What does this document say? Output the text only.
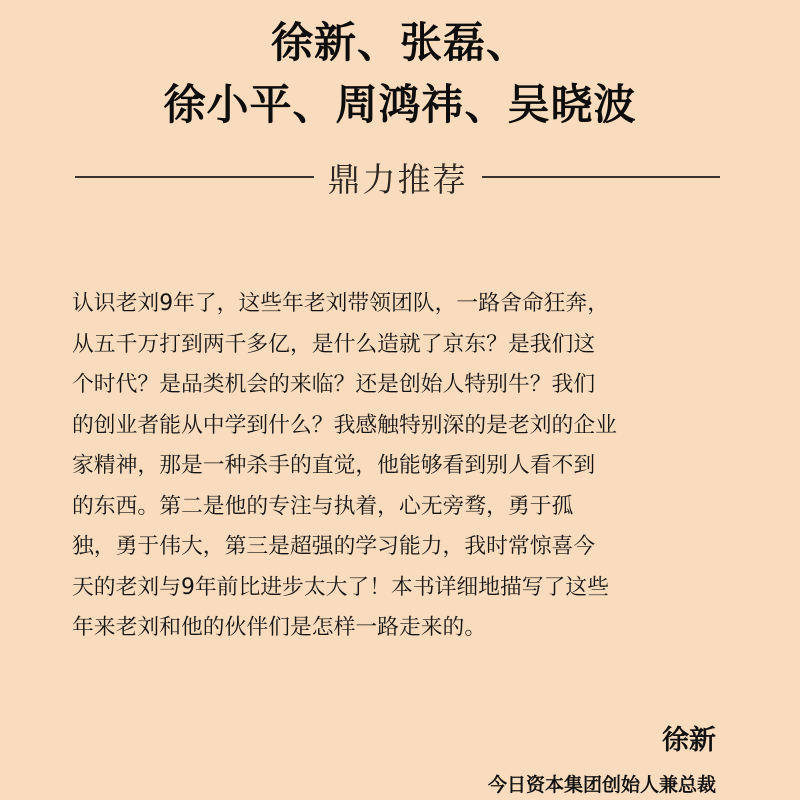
徐新、张磊、
徐小平、周鸿祎、吴晓波
鼎力推荐
认识老刘9年了，这些年老刘带领团队，一路舍命狂奔，
从五千万打到两千多亿，是什么造就了京东？是我们这
个时代？是品类机会的来临？还是创始人特别牛？我们
的创业者能从中学到什么？我感触特别深的是老刘的企业
家精神，那是一种杀手的直觉，他能够看到别人看不到
的东西。第二是他的专注与执着，心无旁骛，勇于孤
独，勇于伟大，第三是超强的学习能力，我时常惊喜今
天的老刘与9年前比进步太大了！本书详细地描写了这些
年来老刘和他的伙伴们是怎样一路走来的。
徐新
今日资本集团创始人兼总裁
